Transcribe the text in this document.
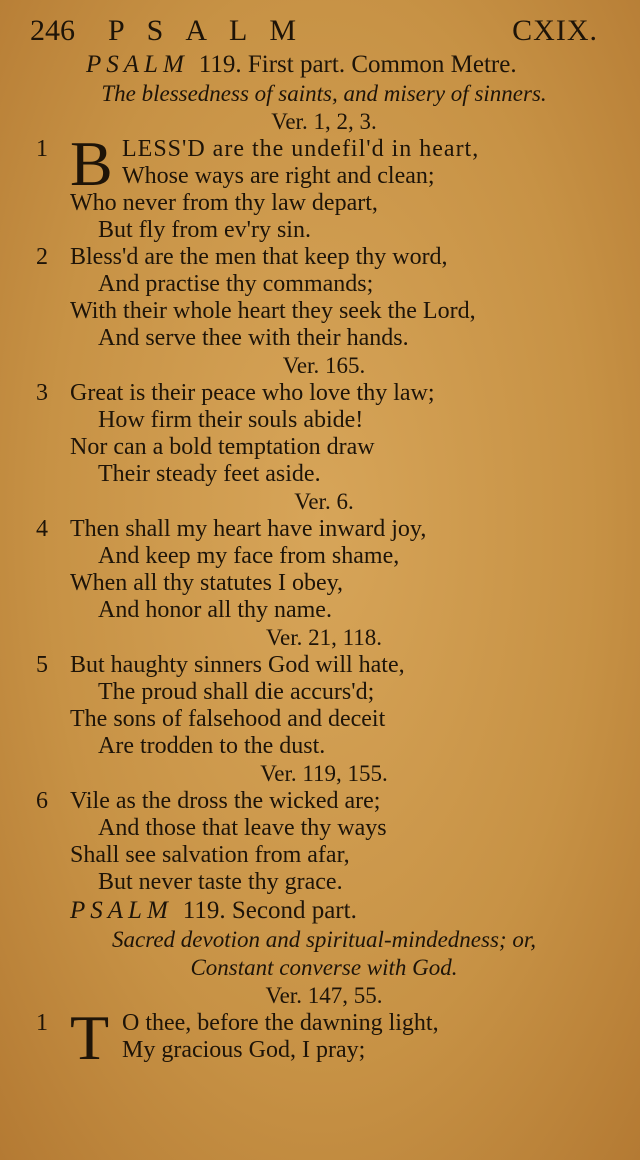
246	PSALM	CXIX.
PSALM 119. First part. Common Metre.
The blessedness of saints, and misery of sinners.
Ver. 1, 2, 3.
1 B LESS'D are the undefil'd in heart,
Whose ways are right and clean;
Who never from thy law depart,
But fly from ev'ry sin.
2 Bless'd are the men that keep thy word,
And practise thy commands;
With their whole heart they seek the Lord,
And serve thee with their hands.
Ver. 165.
3 Great is their peace who love thy law;
How firm their souls abide!
Nor can a bold temptation draw
Their steady feet aside.
Ver. 6.
4 Then shall my heart have inward joy,
And keep my face from shame,
When all thy statutes I obey,
And honor all thy name.
Ver. 21, 118.
5 But haughty sinners God will hate,
The proud shall die accurs'd;
The sons of falsehood and deceit
Are trodden to the dust.
Ver. 119, 155.
6 Vile as the dross the wicked are;
And those that leave thy ways
Shall see salvation from afar,
But never taste thy grace.
PSALM 119. Second part.
Sacred devotion and spiritual-mindedness; or,
Constant converse with God.
Ver. 147, 55.
1 T O thee, before the dawning light,
My gracious God, I pray;
